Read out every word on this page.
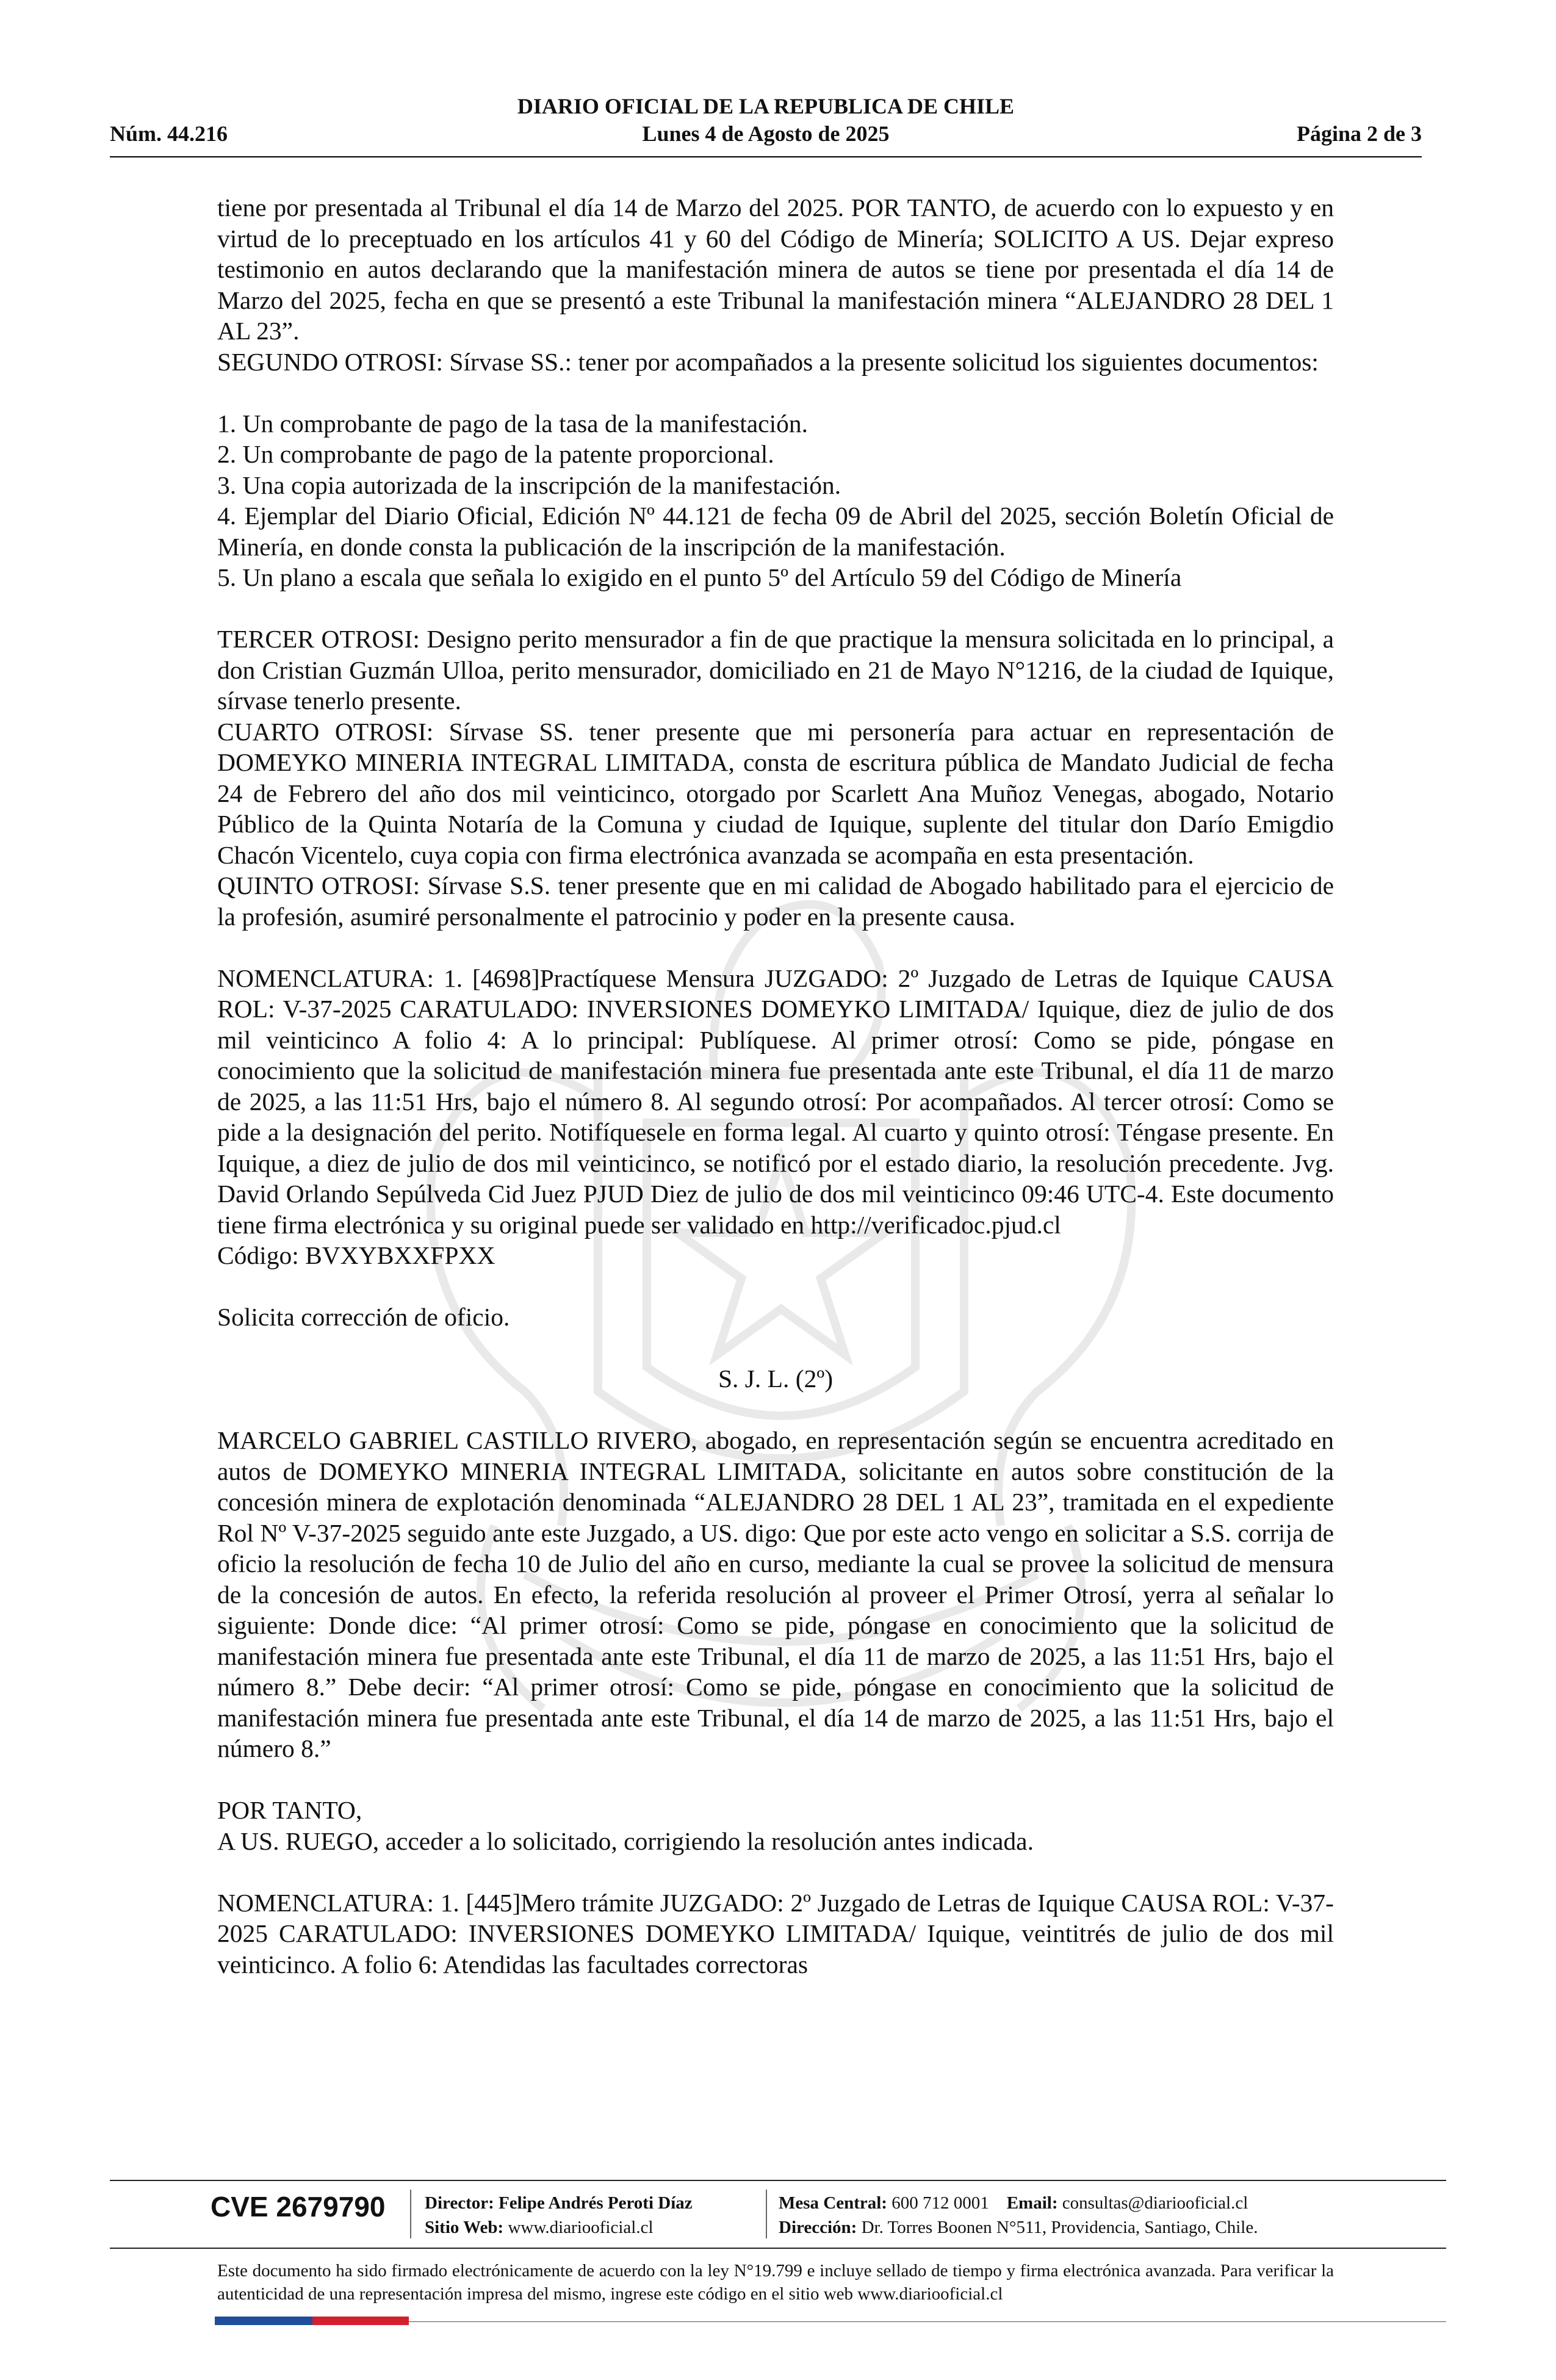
DIARIO OFICIAL DE LA REPUBLICA DE CHILE
Núm. 44.216	Lunes 4 de Agosto de 2025	Página 2 de 3

tiene por presentada al Tribunal el día 14 de Marzo del 2025. POR TANTO, de acuerdo con lo expuesto y en virtud de lo preceptuado en los artículos 41 y 60 del Código de Minería; SOLICITO A US. Dejar expreso testimonio en autos declarando que la manifestación minera de autos se tiene por presentada el día 14 de Marzo del 2025, fecha en que se presentó a este Tribunal la manifestación minera “ALEJANDRO 28 DEL 1 AL 23”.

SEGUNDO OTROSI: Sírvase SS.: tener por acompañados a la presente solicitud los siguientes documentos:

1. Un comprobante de pago de la tasa de la manifestación.

2. Un comprobante de pago de la patente proporcional.

3. Una copia autorizada de la inscripción de la manifestación.

4. Ejemplar del Diario Oficial, Edición Nº 44.121 de fecha 09 de Abril del 2025, sección Boletín Oficial de Minería, en donde consta la publicación de la inscripción de la manifestación.

5. Un plano a escala que señala lo exigido en el punto 5º del Artículo 59 del Código de Minería

TERCER OTROSI: Designo perito mensurador a fin de que practique la mensura solicitada en lo principal, a don Cristian Guzmán Ulloa, perito mensurador, domiciliado en 21 de Mayo N°1216, de la ciudad de Iquique, sírvase tenerlo presente.

CUARTO OTROSI: Sírvase SS. tener presente que mi personería para actuar en representación de DOMEYKO MINERIA INTEGRAL LIMITADA, consta de escritura pública de Mandato Judicial de fecha 24 de Febrero del año dos mil veinticinco, otorgado por Scarlett Ana Muñoz Venegas, abogado, Notario Público de la Quinta Notaría de la Comuna y ciudad de Iquique, suplente del titular don Darío Emigdio Chacón Vicentelo, cuya copia con firma electrónica avanzada se acompaña en esta presentación.

QUINTO OTROSI: Sírvase S.S. tener presente que en mi calidad de Abogado habilitado para el ejercicio de la profesión, asumiré personalmente el patrocinio y poder en la presente causa.

NOMENCLATURA: 1. [4698]Practíquese Mensura JUZGADO: 2º Juzgado de Letras de Iquique CAUSA ROL: V-37-2025 CARATULADO: INVERSIONES DOMEYKO LIMITADA/ Iquique, diez de julio de dos mil veinticinco A folio 4: A lo principal: Publíquese. Al primer otrosí: Como se pide, póngase en conocimiento que la solicitud de manifestación minera fue presentada ante este Tribunal, el día 11 de marzo de 2025, a las 11:51 Hrs, bajo el número 8. Al segundo otrosí: Por acompañados. Al tercer otrosí: Como se pide a la designación del perito. Notifíquesele en forma legal. Al cuarto y quinto otrosí: Téngase presente. En Iquique, a diez de julio de dos mil veinticinco, se notificó por el estado diario, la resolución precedente. Jvg. David Orlando Sepúlveda Cid Juez PJUD Diez de julio de dos mil veinticinco 09:46 UTC-4. Este documento tiene firma electrónica y su original puede ser validado en http://verificadoc.pjud.cl

Código: BVXYBXXFPXX

Solicita corrección de oficio.

S. J. L. (2º)

MARCELO GABRIEL CASTILLO RIVERO, abogado, en representación según se encuentra acreditado en autos de DOMEYKO MINERIA INTEGRAL LIMITADA, solicitante en autos sobre constitución de la concesión minera de explotación denominada “ALEJANDRO 28 DEL 1 AL 23”, tramitada en el expediente Rol Nº V-37-2025 seguido ante este Juzgado, a US. digo: Que por este acto vengo en solicitar a S.S. corrija de oficio la resolución de fecha 10 de Julio del año en curso, mediante la cual se provee la solicitud de mensura de la concesión de autos. En efecto, la referida resolución al proveer el Primer Otrosí, yerra al señalar lo siguiente: Donde dice: “Al primer otrosí: Como se pide, póngase en conocimiento que la solicitud de manifestación minera fue presentada ante este Tribunal, el día 11 de marzo de 2025, a las 11:51 Hrs, bajo el número 8.” Debe decir: “Al primer otrosí: Como se pide, póngase en conocimiento que la solicitud de manifestación minera fue presentada ante este Tribunal, el día 14 de marzo de 2025, a las 11:51 Hrs, bajo el número 8.”

POR TANTO,

A US. RUEGO, acceder a lo solicitado, corrigiendo la resolución antes indicada.

NOMENCLATURA: 1. [445]Mero trámite JUZGADO: 2º Juzgado de Letras de Iquique CAUSA ROL: V-37-2025 CARATULADO: INVERSIONES DOMEYKO LIMITADA/ Iquique, veintitrés de julio de dos mil veinticinco. A folio 6: Atendidas las facultades correctoras

CVE 2679790 Director: Felipe Andrés Peroti Díaz
Sitio Web: www.diariooficial.cl
Mesa Central: 600 712 0001 Email: consultas@diariooficial.cl
Dirección: Dr. Torres Boonen N°511, Providencia, Santiago, Chile.
Este documento ha sido firmado electrónicamente de acuerdo con la ley N°19.799 e incluye sellado de tiempo y firma electrónica avanzada. Para verificar la autenticidad de una representación impresa del mismo, ingrese este código en el sitio web www.diariooficial.cl
